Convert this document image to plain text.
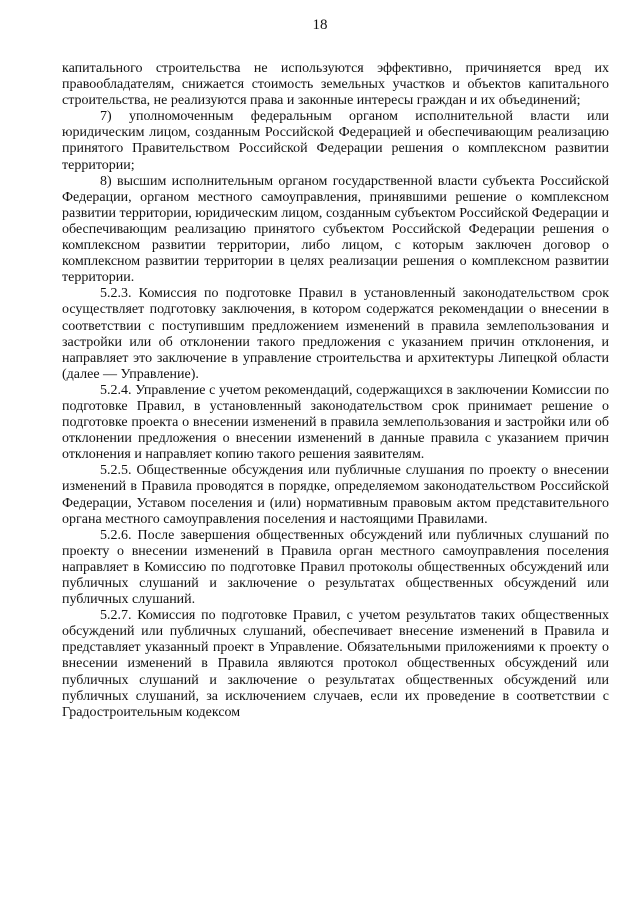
18

капитального строительства не используются эффективно, причиняется вред их правообладателям, снижается стоимость земельных участков и объектов капитального строительства, не реализуются права и законные интересы граждан и их объединений;

7) уполномоченным федеральным органом исполнительной власти или юридическим лицом, созданным Российской Федерацией и обеспечивающим реализацию принятого Правительством Российской Федерации решения о комплексном развитии территории;

8) высшим исполнительным органом государственной власти субъекта Российской Федерации, органом местного самоуправления, принявшими решение о комплексном развитии территории, юридическим лицом, созданным субъектом Российской Федерации и обеспечивающим реализацию принятого субъектом Российской Федерации решения о комплексном развитии территории, либо лицом, с которым заключен договор о комплексном развитии территории в целях реализации решения о комплексном развитии территории.

5.2.3. Комиссия по подготовке Правил в установленный законодательством срок осуществляет подготовку заключения, в котором содержатся рекомендации о внесении в соответствии с поступившим предложением изменений в правила землепользования и застройки или об отклонении такого предложения с указанием причин отклонения, и направляет это заключение в управление строительства и архитектуры Липецкой области (далее — Управление).

5.2.4. Управление с учетом рекомендаций, содержащихся в заключении Комиссии по подготовке Правил, в установленный законодательством срок принимает решение о подготовке проекта о внесении изменений в правила землепользования и застройки или об отклонении предложения о внесении изменений в данные правила с указанием причин отклонения и направляет копию такого решения заявителям.

5.2.5. Общественные обсуждения или публичные слушания по проекту о внесении изменений в Правила проводятся в порядке, определяемом законодательством Российской Федерации, Уставом поселения и (или) нормативным правовым актом представительного органа местного самоуправления поселения и настоящими Правилами.

5.2.6. После завершения общественных обсуждений или публичных слушаний по проекту о внесении изменений в Правила орган местного самоуправления поселения направляет в Комиссию по подготовке Правил протоколы общественных обсуждений или публичных слушаний и заключение о результатах общественных обсуждений или публичных слушаний.

5.2.7. Комиссия по подготовке Правил, с учетом результатов таких общественных обсуждений или публичных слушаний, обеспечивает внесение изменений в Правила и представляет указанный проект в Управление. Обязательными приложениями к проекту о внесении изменений в Правила являются протокол общественных обсуждений или публичных слушаний и заключение о результатах общественных обсуждений или публичных слушаний, за исключением случаев, если их проведение в соответствии с Градостроительным кодексом
